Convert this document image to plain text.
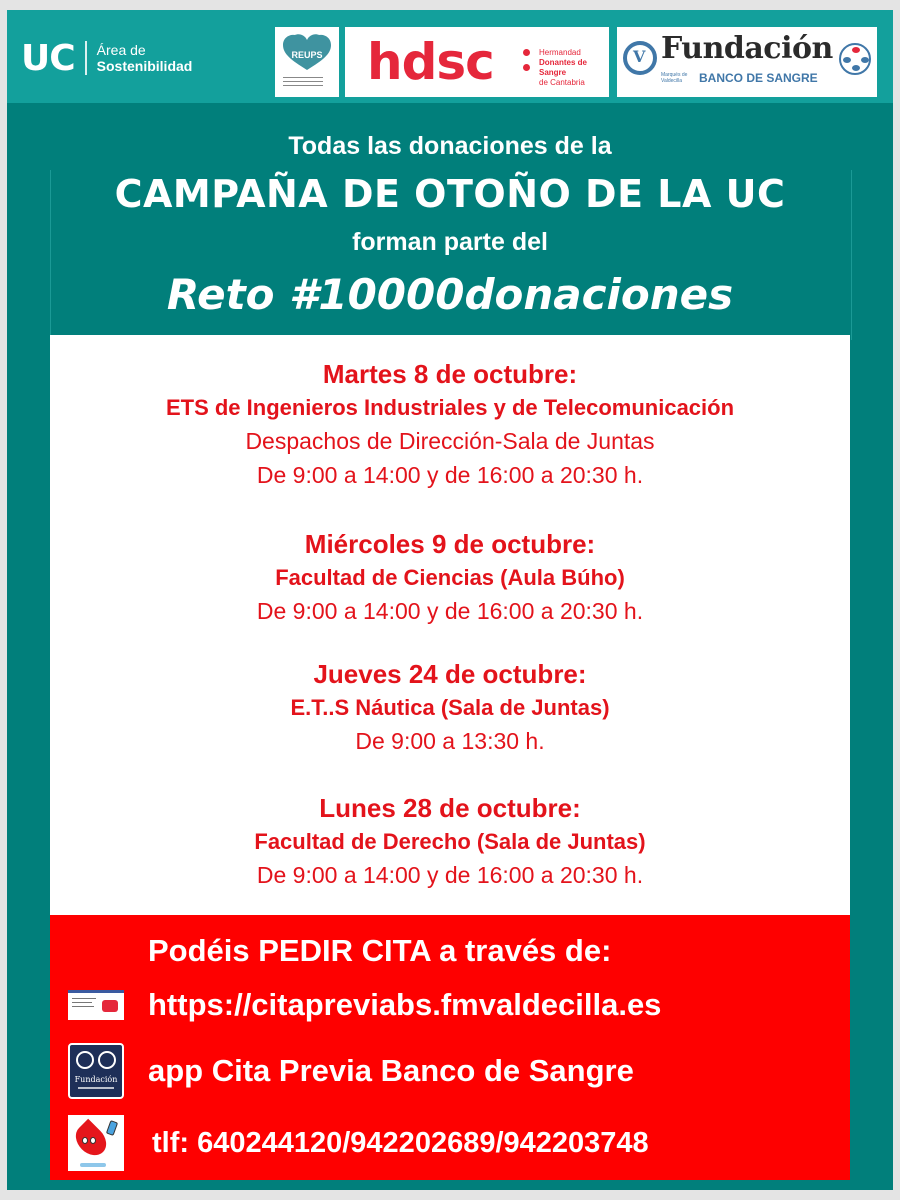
UC Área de
Sostenibilidad
REUPS hdsc	Hermandad
Donantes de Sangre
de Cantabria
V Fundación
Marqués de Valdecilla	BANCO DE SANGRE
Todas las donaciones de la
CAMPAÑA DE OTOÑO DE LA UC
forman parte del
Reto #10000donaciones
Martes 8 de octubre:
ETS de Ingenieros Industriales y de Telecomunicación
Despachos de Dirección-Sala de Juntas
De 9:00 a 14:00 y de 16:00 a 20:30 h.
Miércoles 9 de octubre:
Facultad de Ciencias (Aula Búho)
De 9:00 a 14:00 y de 16:00 a 20:30 h.
Jueves 24 de octubre:
E.T..S Náutica (Sala de Juntas)
De 9:00 a 13:30 h.
Lunes 28 de octubre:
Facultad de Derecho (Sala de Juntas)
De 9:00 a 14:00 y de 16:00 a 20:30 h.
Podéis PEDIR CITA a través de:
https://citapreviabs.fmvaldecilla.es
Fundación app Cita Previa Banco de Sangre
tlf: 640244120/942202689/942203748
